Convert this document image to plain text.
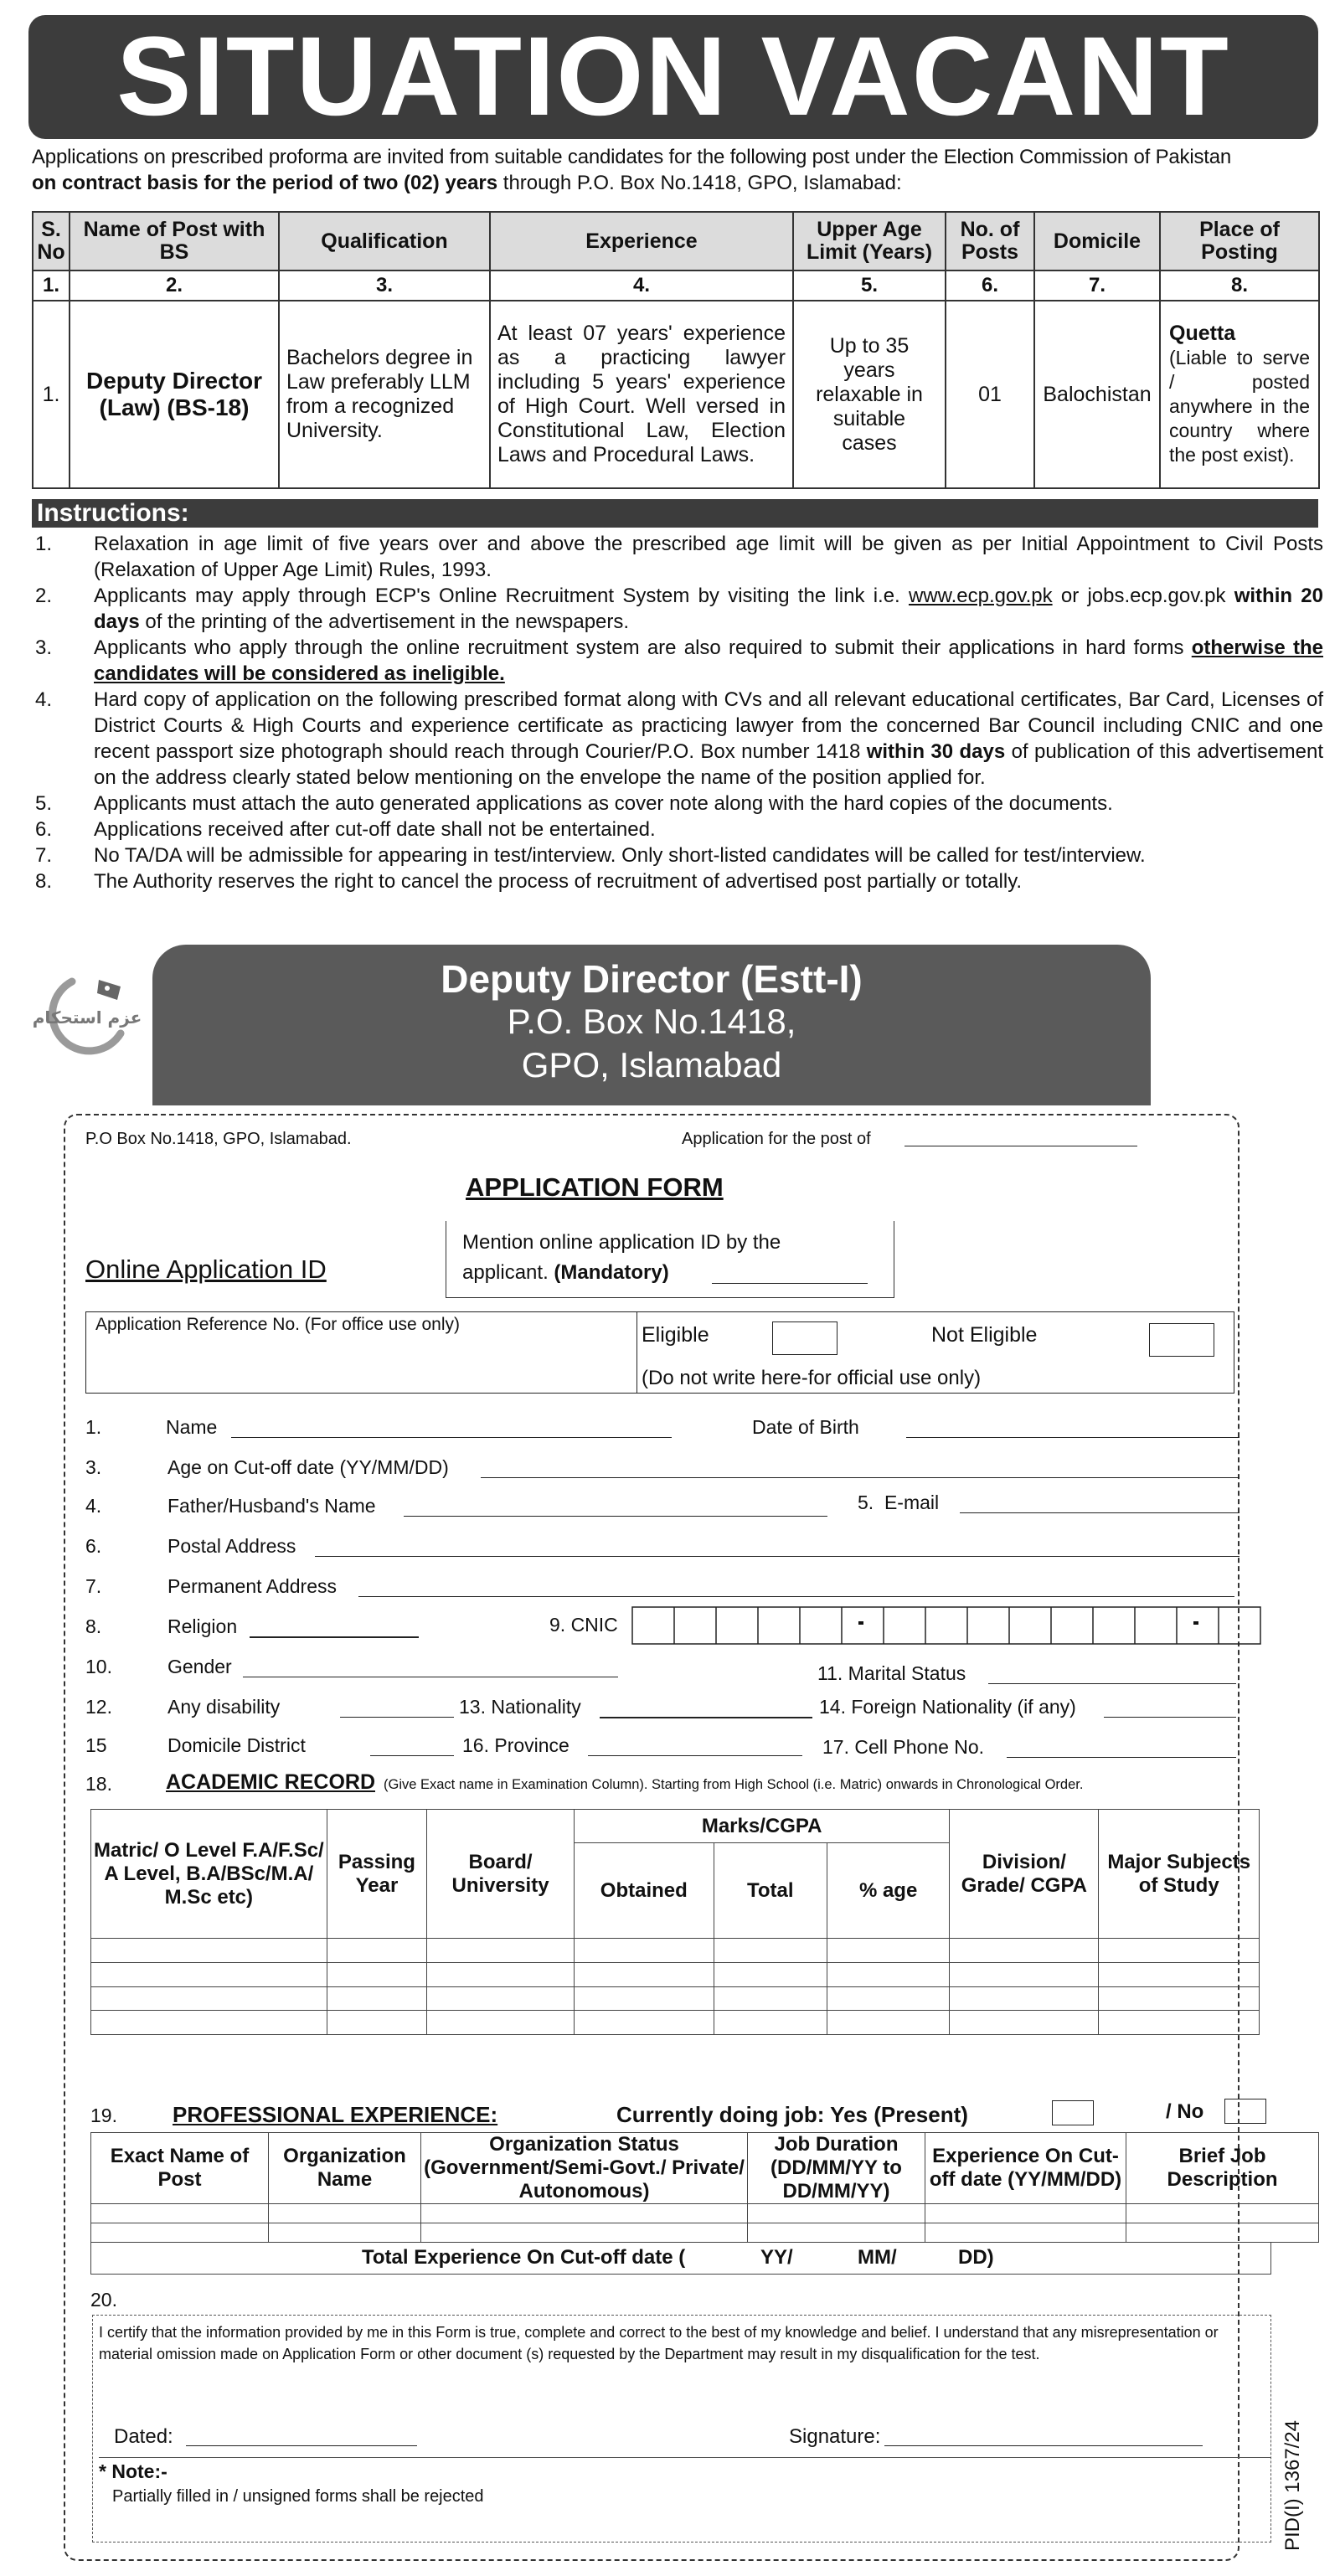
SITUATION VACANT
Applications on prescribed proforma are invited from suitable candidates for the following post under the Election Commission of Pakistan
on contract basis for the period of two (02) years through P.O. Box No.1418, GPO, Islamabad:
S. No	Name of Post with BS	Qualification	Experience	Upper Age Limit (Years)	No. of Posts	Domicile	Place of Posting
1.	2.	3.	4.	5.	6.	7.	8.
1.	Deputy Director (Law) (BS-18)	Bachelors degree in Law preferably LLM from a recognized University.	At least 07 years' experience as a practicing lawyer including 5 years' experience of High Court. Well versed in Constitutional Law, Election Laws and Procedural Laws.	Up to 35 years relaxable in suitable cases	01	Balochistan	Quetta
(Liable to serve / posted anywhere in the country where the post exist).
Instructions:
1.	Relaxation in age limit of five years over and above the prescribed age limit will be given as per Initial Appointment to Civil Posts (Relaxation of Upper Age Limit) Rules, 1993.
2.	Applicants may apply through ECP's Online Recruitment System by visiting the link i.e. www.ecp.gov.pk or jobs.ecp.gov.pk within 20 days of the printing of the advertisement in the newspapers.
3.	Applicants who apply through the online recruitment system are also required to submit their applications in hard forms otherwise the candidates will be considered as ineligible.
4.	Hard copy of application on the following prescribed format along with CVs and all relevant educational certificates, Bar Card, Licenses of District Courts & High Courts and experience certificate as practicing lawyer from the concerned Bar Council including CNIC and one recent passport size photograph should reach through Courier/P.O. Box number 1418 within 30 days of publication of this advertisement on the address clearly stated below mentioning on the envelope the name of the position applied for.
5.	Applicants must attach the auto generated applications as cover note along with the hard copies of the documents.
6.	Applications received after cut-off date shall not be entertained.
7.	No TA/DA will be admissible for appearing in test/interview. Only short-listed candidates will be called for test/interview.
8.	The Authority reserves the right to cancel the process of recruitment of advertised post partially or totally.
عزم استحکام
Deputy Director (Estt-I)
P.O. Box No.1418,
GPO, Islamabad
P.O Box No.1418, GPO, Islamabad.	Application for the post of
APPLICATION FORM
Online Application ID
Mention online application ID by the
applicant. (Mandatory)
Application Reference No. (For office use only)	Eligible	Not Eligible
(Do not write here-for official use only)
1.	Name	Date of Birth
3.	Age on Cut-off date (YY/MM/DD)
4.	Father/Husband's Name	5. E-mail
6.	Postal Address
7.	Permanent Address
8.	Religion	9. CNIC
10.	Gender	11. Marital Status
12.	Any disability	13. Nationality	14. Foreign Nationality (if any)
15	Domicile District	16. Province	17. Cell Phone No.
18.	ACADEMIC RECORD (Give Exact name in Examination Column). Starting from High School (i.e. Matric) onwards in Chronological Order.
Matric/ O Level F.A/F.Sc/ A Level, B.A/BSc/M.A/ M.Sc etc)	Passing Year	Board/ University	Marks/CGPA			Division/ Grade/ CGPA	Major Subjects of Study
			Obtained	Total	% age		

19.	PROFESSIONAL EXPERIENCE:	Currently doing job: Yes (Present)	/ No
Exact Name of Post	Organization Name	Organization Status (Government/Semi-Govt./ Private/ Autonomous)	Job Duration (DD/MM/YY to DD/MM/YY)	Experience On Cut-off date (YY/MM/DD)	Brief Job Description

Total Experience On Cut-off date (	YY/	MM/	DD)
20.
I certify that the information provided by me in this Form is true, complete and correct to the best of my knowledge and belief. I understand that any misrepresentation or material omission made on Application Form or other document (s) requested by the Department may result in my disqualification for the test.
Dated:	Signature:
* Note:-
Partially filled in / unsigned forms shall be rejected	PID(I) 1367/24
